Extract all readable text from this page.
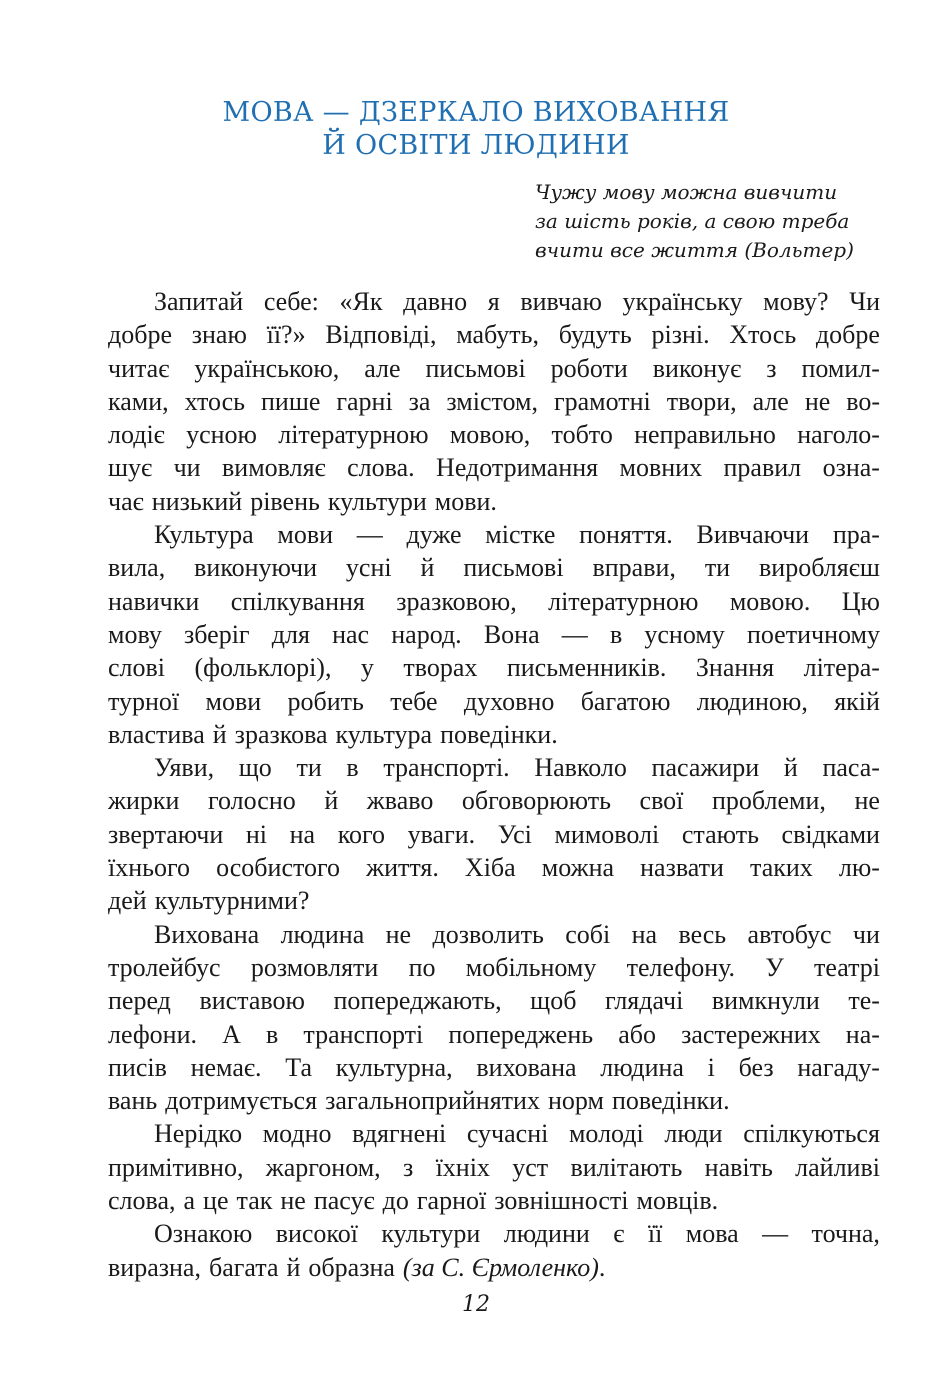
МОВА — ДЗЕРКАЛО ВИХОВАННЯ
Й ОСВІТИ ЛЮДИНИ
Чужу мову можна вивчити
за шість років, а свою треба
вчити все життя (Вольтер)
Запитай себе: «Як давно я вивчаю українську мову? Чи
добре знаю її?» Відповіді, мабуть, будуть різні. Хтось добре
читає українською, але письмові роботи виконує з помил-
ками, хтось пише гарні за змістом, грамотні твори, але не во-
лодіє усною літературною мовою, тобто неправильно наголо-
шує чи вимовляє слова. Недотримання мовних правил озна-
чає низький рівень культури мови.
Культура мови — дуже містке поняття. Вивчаючи пра-
вила, виконуючи усні й письмові вправи, ти виробляєш
навички спілкування зразковою, літературною мовою. Цю
мову зберіг для нас народ. Вона — в усному поетичному
слові (фольклорі), у творах письменників. Знання літера-
турної мови робить тебе духовно багатою людиною, якій
властива й зразкова культура поведінки.
Уяви, що ти в транспорті. Навколо пасажири й паса-
жирки голосно й жваво обговорюють свої проблеми, не
звертаючи ні на кого уваги. Усі мимоволі стають свідками
їхнього особистого життя. Хіба можна назвати таких лю-
дей культурними?
Вихована людина не дозволить собі на весь автобус чи
тролейбус розмовляти по мобільному телефону. У театрі
перед виставою попереджають, щоб глядачі вимкнули те-
лефони. А в транспорті попереджень або застережних на-
писів немає. Та культурна, вихована людина і без нагаду-
вань дотримується загальноприйнятих норм поведінки.
Нерідко модно вдягнені сучасні молоді люди спілкуються
примітивно, жаргоном, з їхніх уст вилітають навіть лайливі
слова, а це так не пасує до гарної зовнішності мовців.
Ознакою високої культури людини є її мова — точна,
виразна, багата й образна (за С. Єрмоленко) .
12
